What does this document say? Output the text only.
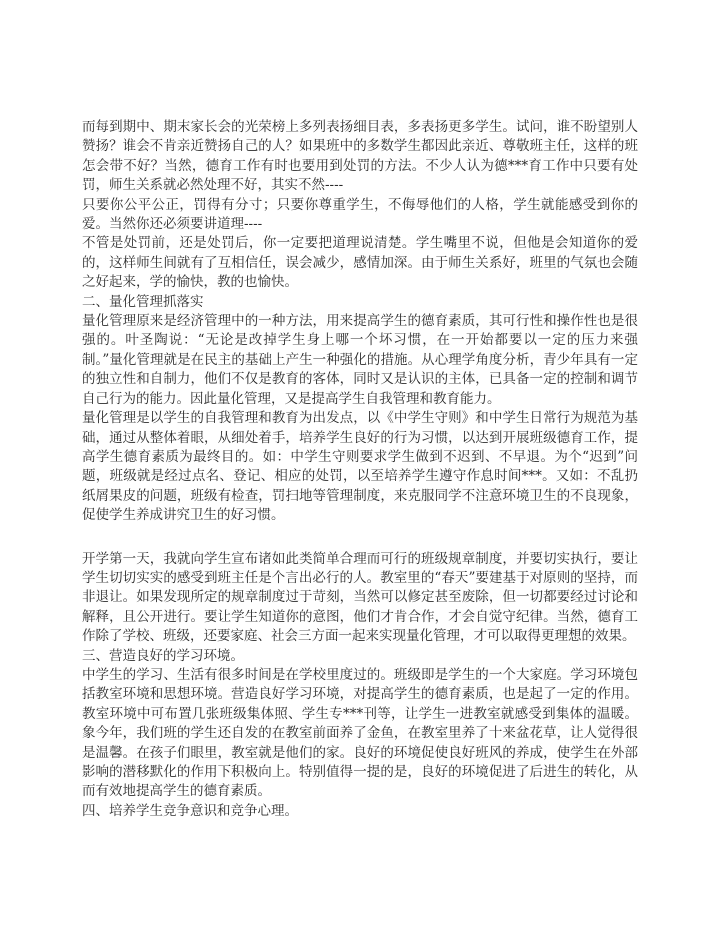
而每到期中、期末家长会的光荣榜上多列表扬细目表，多表扬更多学生。试问，谁不盼望别人赞扬？谁会不肯亲近赞扬自己的人？如果班中的多数学生都因此亲近、尊敬班主任，这样的班怎会带不好？当然，德育工作有时也要用到处罚的方法。不少人认为德***育工作中只要有处罚，师生关系就必然处理不好，其实不然----

只要你公平公正，罚得有分寸；只要你尊重学生，不侮辱他们的人格，学生就能感受到你的爱。当然你还必须要讲道理----

不管是处罚前，还是处罚后，你一定要把道理说清楚。学生嘴里不说，但他是会知道你的爱的，这样师生间就有了互相信任，误会减少，感情加深。由于师生关系好，班里的气氛也会随之好起来，学的愉快，教的也愉快。

二、量化管理抓落实

量化管理原来是经济管理中的一种方法，用来提高学生的德育素质，其可行性和操作性也是很强的。叶圣陶说：“无论是改掉学生身上哪一个坏习惯，在一开始都要以一定的压力来强制。”量化管理就是在民主的基础上产生一种强化的措施。从心理学角度分析，青少年具有一定的独立性和自制力，他们不仅是教育的客体，同时又是认识的主体，已具备一定的控制和调节自己行为的能力。因此量化管理，又是提高学生自我管理和教育能力。

量化管理是以学生的自我管理和教育为出发点，以《中学生守则》和中学生日常行为规范为基础，通过从整体着眼，从细处着手，培养学生良好的行为习惯，以达到开展班级德育工作，提高学生德育素质为最终目的。如：中学生守则要求学生做到不迟到、不早退。为个“迟到”问题，班级就是经过点名、登记、相应的处罚，以至培养学生遵守作息时间***。又如：不乱扔纸屑果皮的问题，班级有检查，罚扫地等管理制度，来克服同学不注意环境卫生的不良现象，促使学生养成讲究卫生的好习惯。

开学第一天，我就向学生宣布诸如此类简单合理而可行的班级规章制度，并要切实执行，要让学生切切实实的感受到班主任是个言出必行的人。教室里的“春天”要建基于对原则的坚持，而非退让。如果发现所定的规章制度过于苛刻，当然可以修定甚至废除，但一切都要经过讨论和解释，且公开进行。要让学生知道你的意图，他们才肯合作，才会自觉守纪律。当然，德育工作除了学校、班级，还要家庭、社会三方面一起来实现量化管理，才可以取得更理想的效果。

三、营造良好的学习环境。

中学生的学习、生活有很多时间是在学校里度过的。班级即是学生的一个大家庭。学习环境包括教室环境和思想环境。营造良好学习环境，对提高学生的德育素质，也是起了一定的作用。教室环境中可布置几张班级集体照、学生专***刊等，让学生一进教室就感受到集体的温暖。象今年，我们班的学生还自发的在教室前面养了金鱼，在教室里养了十来盆花草，让人觉得很是温馨。在孩子们眼里，教室就是他们的家。良好的环境促使良好班风的养成，使学生在外部影响的潜移默化的作用下积极向上。特别值得一提的是，良好的环境促进了后进生的转化，从而有效地提高学生的德育素质。

四、培养学生竞争意识和竞争心理。
